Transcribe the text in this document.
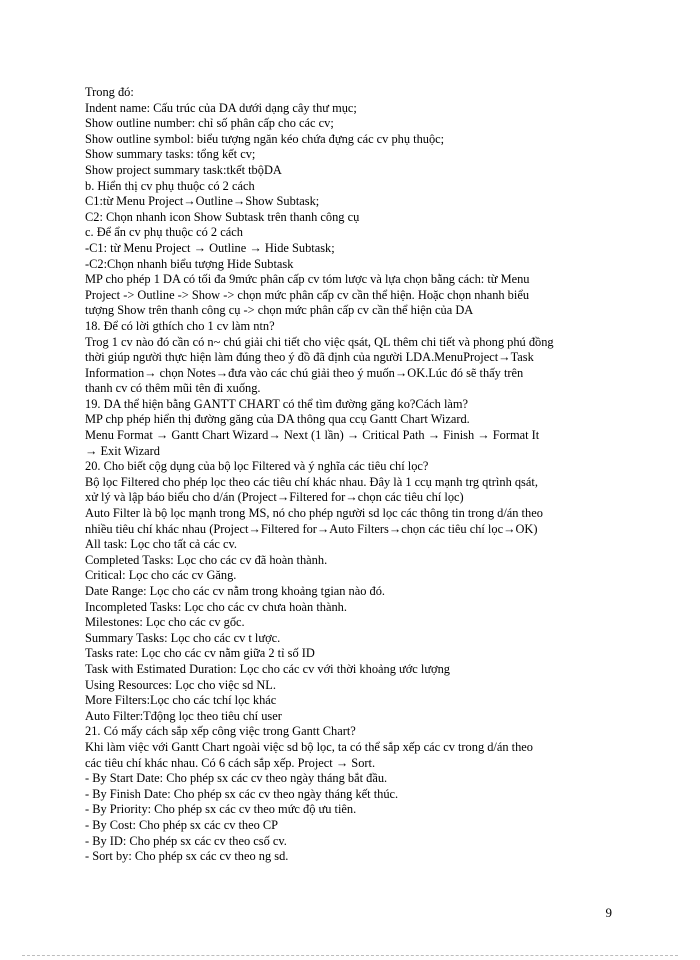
Trong đó:
Indent name: Cấu trúc của DA dưới dạng cây thư mục;
Show outline number: chỉ số phân cấp cho các cv;
Show outline symbol: biểu tượng ngăn kéo chứa đựng các cv phụ thuộc;
Show summary tasks: tổng kết cv;
Show project summary task:tkết tbộDA
b. Hiển thị cv phụ thuộc có 2 cách
C1:từ Menu Project→Outline→Show Subtask;
C2: Chọn nhanh icon Show Subtask trên thanh công cụ
c. Để ẩn cv phụ thuộc có 2 cách
-C1: từ Menu Project → Outline → Hide Subtask;
-C2:Chọn nhanh biểu tượng Hide Subtask
MP cho phép 1 DA có tối đa 9mức phân cấp cv tóm lược và lựa chọn bằng cách: từ Menu
Project -> Outline -> Show -> chọn mức phân cấp cv cần thể hiện. Hoặc chọn nhanh biểu
tượng Show trên thanh công cụ -> chọn mức phân cấp cv cần thể hiện của DA
18. Để có lời gthích cho 1 cv làm ntn?
Trog 1 cv nào đó cần có n~ chú giải chi tiết cho việc qsát, QL thêm chi tiết và phong phú đồng
thời giúp người thực hiện làm đúng theo ý đồ đã định của người LDA.MenuProject→Task
Information→ chọn Notes→đưa vào các chú giải theo ý muốn→OK.Lúc đó sẽ thấy trên
thanh cv có thêm mũi tên đi xuống.
19. DA thể hiện bằng GANTT CHART có thể tìm đường găng ko?Cách làm?
MP chp phép hiển thị đường găng của DA thông qua ccụ Gantt Chart Wizard.
Menu Format → Gantt Chart Wizard→ Next (1 lần) → Critical Path → Finish → Format It
→ Exit Wizard
20. Cho biết cộg dụng của bộ lọc Filtered và ý nghĩa các tiêu chí lọc?
Bộ lọc Filtered cho phép lọc theo các tiêu chí khác nhau. Đây là 1 ccụ mạnh trg qtrình qsát,
xử lý và lập báo biểu cho d/án (Project→Filtered for→chọn các tiêu chí lọc)
Auto Filter là bộ lọc mạnh trong MS, nó cho phép người sd lọc các thông tin trong d/án theo
nhiều tiêu chí khác nhau (Project→Filtered for→Auto Filters→chọn các tiêu chí lọc→OK)
All task: Lọc cho tất cả các cv.
Completed Tasks: Lọc cho các cv đã hoàn thành.
Critical: Lọc cho các cv Găng.
Date Range: Lọc cho các cv nằm trong khoảng tgian nào đó.
Incompleted Tasks: Lọc cho các cv chưa hoàn thành.
Milestones: Lọc cho các cv gốc.
Summary Tasks: Lọc cho các cv t lược.
Tasks rate: Lọc cho các cv nằm giữa 2 tỉ số ID
Task with Estimated Duration: Lọc cho các cv với thời khoảng ước lượng
Using Resources: Lọc cho việc sd NL.
More Filters:Lọc cho các tchí lọc khác
Auto Filter:Tđộng lọc theo tiêu chí user
21. Có mấy cách sắp xếp công việc trong Gantt Chart?
Khi làm việc với Gantt Chart ngoài việc sd bộ lọc, ta có thể sắp xếp các cv trong d/án theo
các tiêu chí khác nhau. Có 6 cách sắp xếp. Project → Sort.
- By Start Date: Cho phép sx các cv theo ngày tháng bắt đầu.
- By Finish Date: Cho phép sx các cv theo ngày tháng kết thúc.
- By Priority: Cho phép sx các cv theo mức độ ưu tiên.
- By Cost: Cho phép sx các cv theo CP
- By ID: Cho phép sx các cv theo csố cv.
- Sort by: Cho phép sx các cv theo ng sd.
9
